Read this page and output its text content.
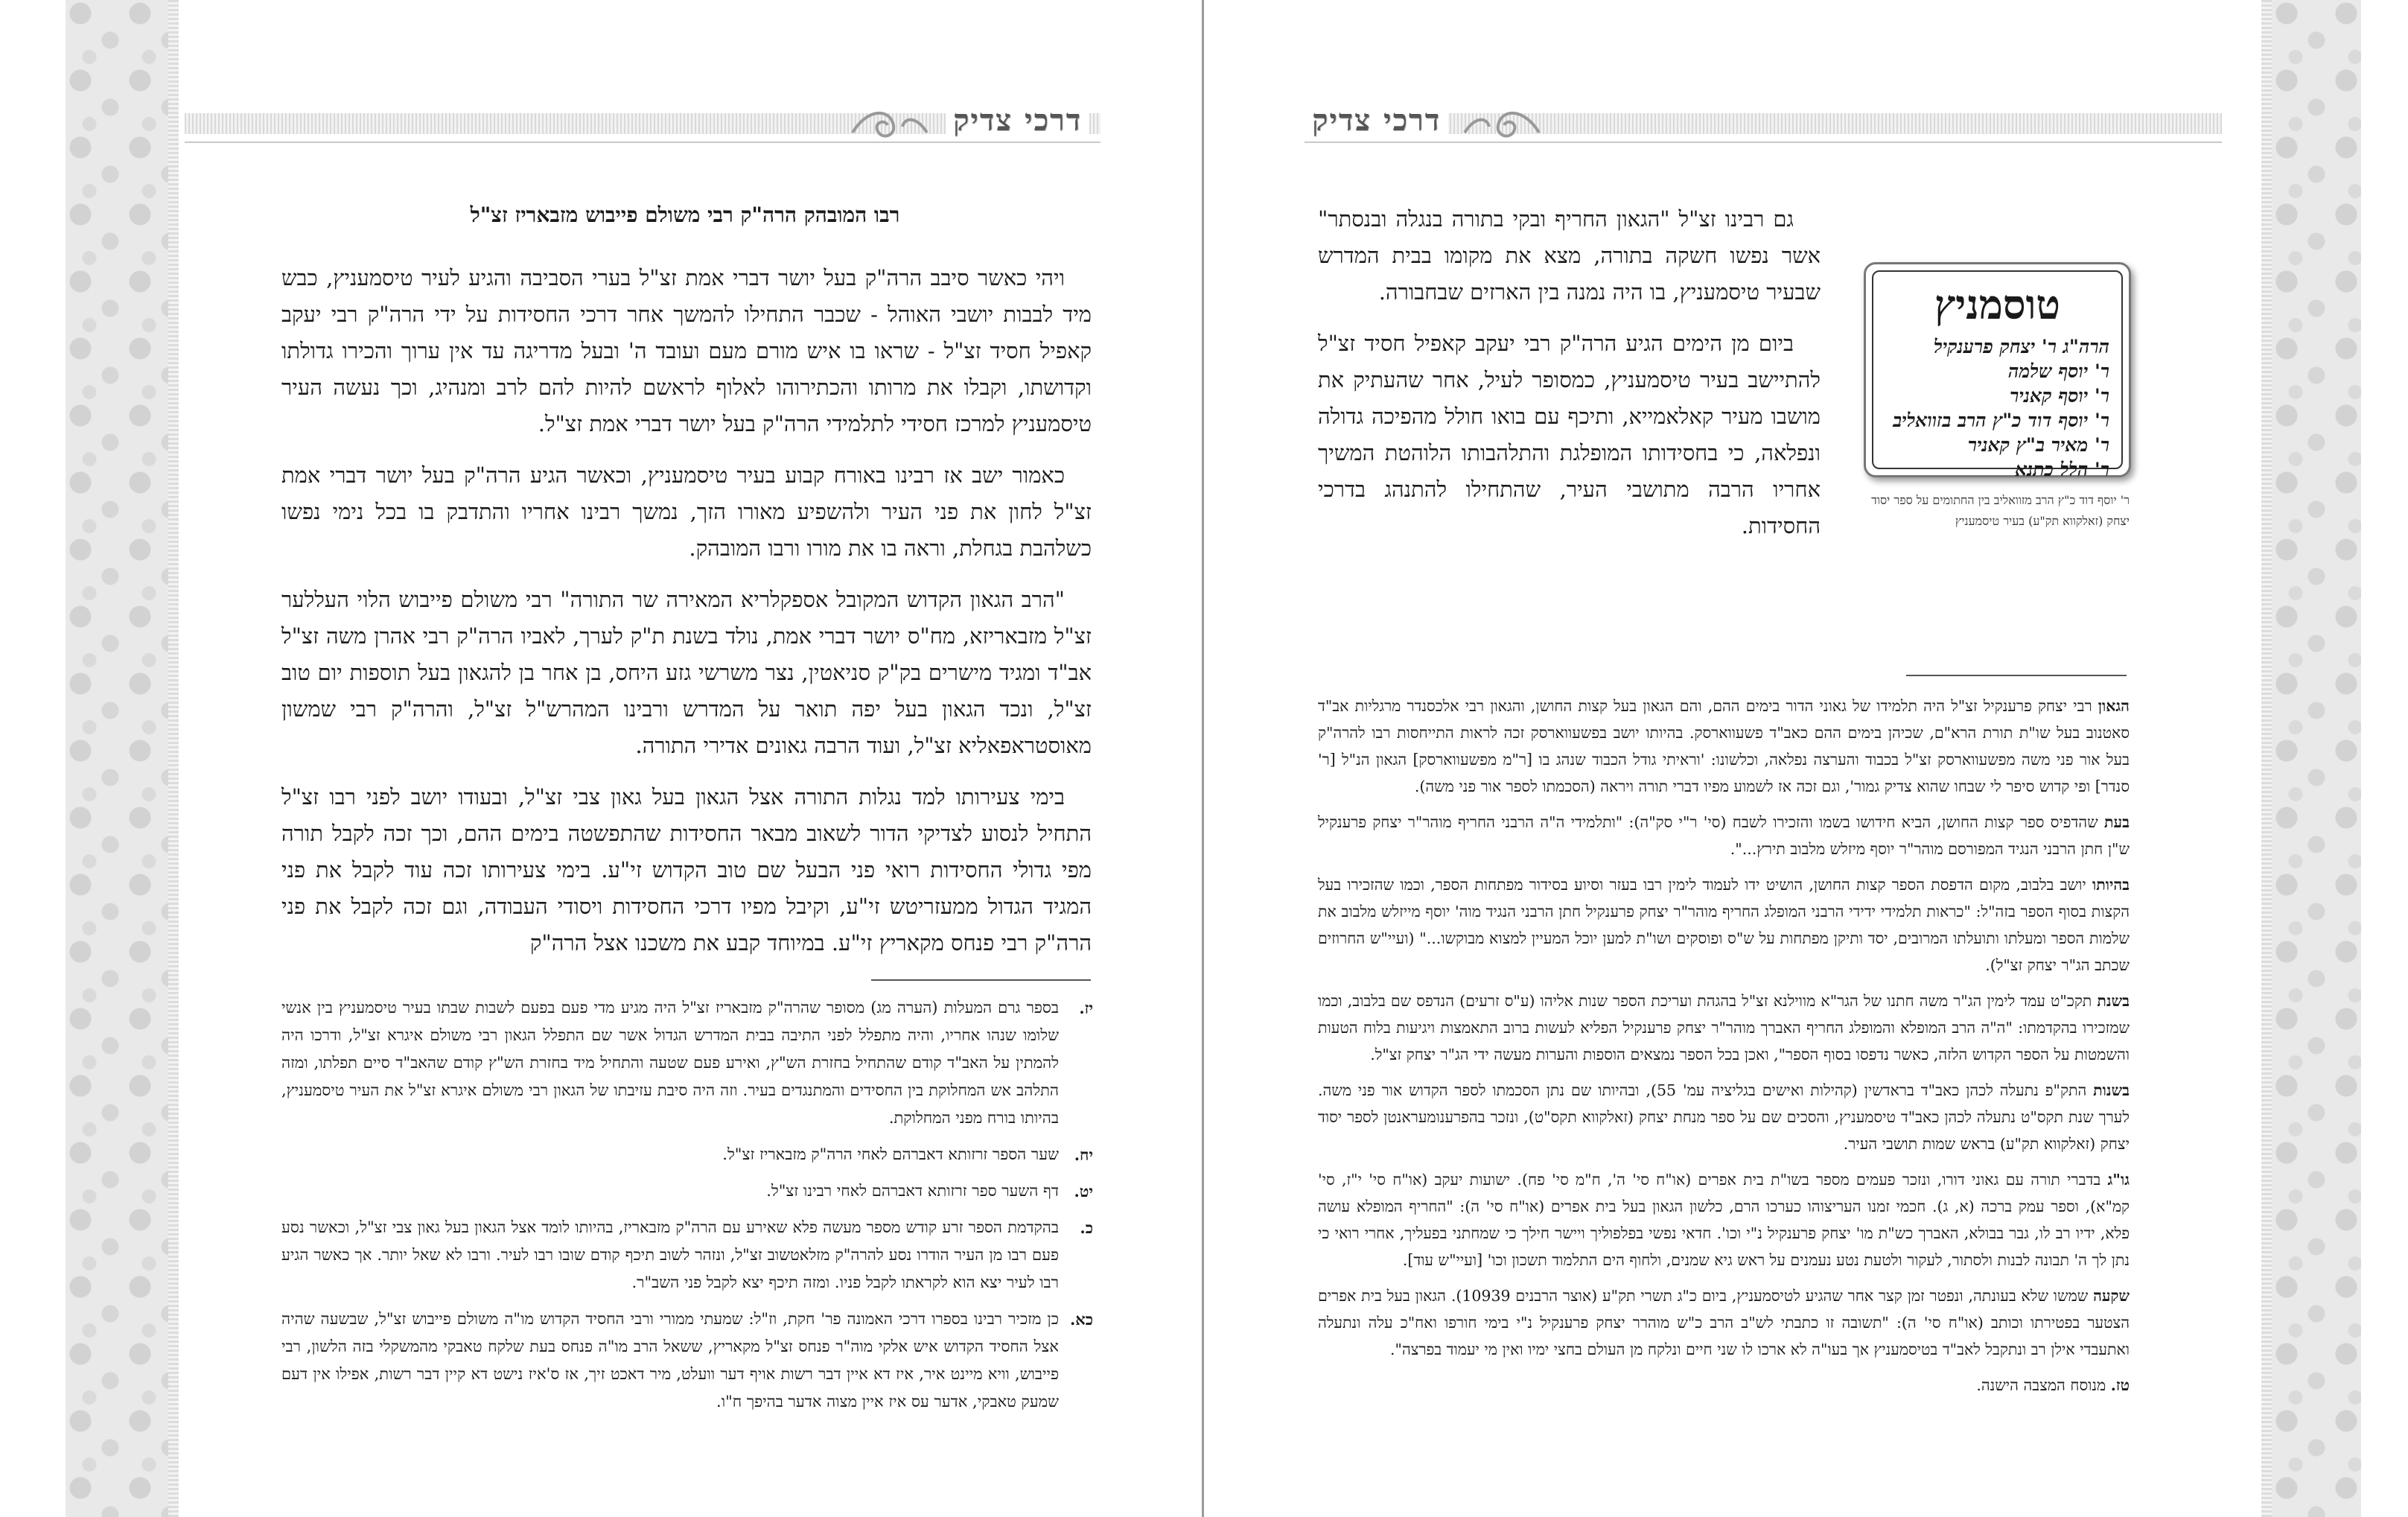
דרכי צדיק
רבו המובהק הרה"ק רבי משולם פייבוש מזבאריז זצ"ל

ויהי כאשר סיבב הרה"ק בעל יושר דברי אמת זצ"ל בערי הסביבה והגיע לעיר טיסמעניץ, כבש מיד לבבות יושבי האוהל - שכבר התחילו להמשך אחר דרכי החסידות על ידי הרה"ק רבי יעקב קאפיל חסיד זצ"ל - שראו בו איש מורם מעם ועובד ה' ובעל מדריגה עד אין ערוך והכירו גדולתו וקדושתו, וקבלו את מרותו והכתירוהו לאלוף לראשם להיות להם לרב ומנהיג, וכך נעשה העיר טיסמעניץ למרכז חסידי לתלמידי הרה"ק בעל יושר דברי אמת זצ"ל.

כאמור ישב אז רבינו באורח קבוע בעיר טיסמעניץ, וכאשר הגיע הרה"ק בעל יושר דברי אמת זצ"ל לחון את פני העיר ולהשפיע מאורו הזך, נמשך רבינו אחריו והתדבק בו בכל נימי נפשו כשלהבת בגחלת, וראה בו את מורו ורבו המובהק.

"הרב הגאון הקדוש המקובל אספקלריא המאירה שר התורה" רבי משולם פייבוש הלוי העללער זצ"ל מזבאריזא, מח"ס יושר דברי אמת, נולד בשנת ת"ק לערך, לאביו הרה"ק רבי אהרן משה זצ"ל אב"ד ומגיד מישרים בק"ק סניאטין, נצר משרשי גזע היחס, בן אחר בן להגאון בעל תוספות יום טוב זצ"ל, ונכד הגאון בעל יפה תואר על המדרש ורבינו המהרש"ל זצ"ל, והרה"ק רבי שמשון מאוסטראפאליא זצ"ל, ועוד הרבה גאונים אדירי התורה.

בימי צעירותו למד נגלות התורה אצל הגאון בעל גאון צבי זצ"ל, ובעודו יושב לפני רבו זצ"ל התחיל לנסוע לצדיקי הדור לשאוב מבאר החסידות שהתפשטה בימים ההם, וכך זכה לקבל תורה מפי גדולי החסידות רואי פני הבעל שם טוב הקדוש זי"ע. בימי צעירותו זכה עוד לקבל את פני המגיד הגדול ממעזריטש זי"ע, וקיבל מפיו דרכי החסידות ויסודי העבודה, וגם זכה לקבל את פני הרה"ק רבי פנחס מקאריץ זי"ע. במיוחד קבע את משכנו אצל הרה"ק

יז.
בספר גרם המעלות (הערה מג) מסופר שהרה"ק מזבאריז זצ"ל היה מגיע מדי פעם בפעם לשבות שבתו בעיר טיסמעניץ בין אנשי שלומו שנהו אחריו, והיה מתפלל לפני התיבה בבית המדרש הגדול אשר שם התפלל הגאון רבי משולם איגרא זצ"ל, ודרכו היה להמתין על האב"ד קודם שהתחיל בחזרת הש"ץ, ואירע פעם שטעה והתחיל מיד בחזרת הש"ץ קודם שהאב"ד סיים תפלתו, ומזה התלהב אש המחלוקת בין החסידים והמתנגדים בעיר. וזה היה סיבת עזיבתו של הגאון רבי משולם איגרא זצ"ל את העיר טיסמעניץ, בהיותו בורח מפני המחלוקת.
יח.
שער הספר זרזותא דאברהם לאחי הרה"ק מזבאריז זצ"ל.
יט.
דף השער ספר זרזותא דאברהם לאחי רבינו זצ"ל.
כ.
בהקדמת הספר זרע קודש מספר מעשה פלא שאירע עם הרה"ק מזבאריז, בהיותו לומד אצל הגאון בעל גאון צבי זצ"ל, וכאשר נסע פעם רבו מן העיר הודרו נסע להרה"ק מזלאטשוב זצ"ל, ונזהר לשוב תיכף קודם שובו רבו לעיר. ורבו לא שאל יותר. אך כאשר הגיע רבו לעיר יצא הוא לקראתו לקבל פניו. ומזה תיכף יצא לקבל פני השב"ר.
כא.
כן מזכיר רבינו בספרו דרכי האמונה פר' חקת, וז"ל: שמעתי ממורי ורבי החסיד הקדוש מו"ה משולם פייבוש זצ"ל, שבשעה שהיה אצל החסיד הקדוש איש אלקי מוה"ר פנחס זצ"ל מקאריץ, ששאל הרב מו"ה פנחס בעת שלקח טאבקי מהמשקלי בזה הלשון, רבי פייבוש, וויא מיינט איר, איז דא איין דבר רשות אויף דער וועלט, מיר דאכט זיך, אז ס'איז נישט דא קיין דבר רשות, אפילו אין דעם שמעק טאבקי, אדער עס איז איין מצוה אדער בהיפך ח"ו.
דרכי צדיק

גם רבינו זצ"ל "הגאון החריף ובקי בתורה בנגלה ובנסתר" אשר נפשו חשקה בתורה, מצא את מקומו בבית המדרש שבעיר טיסמעניץ, בו היה נמנה בין הארזים שבחבורה.

ביום מן הימים הגיע הרה"ק רבי יעקב קאפיל חסיד זצ"ל להתיישב בעיר טיסמעניץ, כמסופר לעיל, אחר שהעתיק את מושבו מעיר קאלאמייא, ותיכף עם בואו חולל מהפיכה גדולה ונפלאה, כי בחסידותו המופלגת והתלהבותו הלוהטת המשיך אחריו הרבה מתושבי העיר, שהתחילו להתנהג בדרכי החסידות.

טוסמניץ
הרה"ג ר' יצחק פרענקיל
ר' יוסף שלמה
ר' יוסף קאניר
ר' יוסף דוד כ"ץ הרב בזוואליב
ר' מאיר ב"ץ קאניר
ר' הלל כתנא
ר' יוסף דוד כ"ץ הרב מזוואליב בין החתומים על ספר יסוד יצחק (זאלקווא תק"ע) בעיר טיסמעניץ

הגאון רבי יצחק פרענקיל זצ"ל היה תלמידו של גאוני הדור בימים ההם, והם הגאון בעל קצות החושן, והגאון רבי אלכסנדר מרגליות אב"ד סאטנוב בעל שו"ת תורת הרא"ם, שכיהן בימים ההם כאב"ד פשעווארסק. בהיותו יושב בפשעווארסק זכה לראות התייחסות רבו להרה"ק בעל אור פני משה מפשעווארסק זצ"ל בכבוד והערצה נפלאה, וכלשונו: 'וראיתי גודל הכבוד שנהג בו [ר"מ מפשעווארסק] הגאון הנ"ל [ר' סנדר] ופי קדוש סיפר לי שבחו שהוא צדיק גמור', וגם זכה אז לשמוע מפיו דברי תורה ויראה (הסכמתו לספר אור פני משה).

בעת שהדפיס ספר קצות החושן, הביא חידושו בשמו והזכירו לשבח (סי' ר"י סק"ה): "ותלמידי ה"ה הרבני החריף מוהר"ר יצחק פרענקיל ש"ן חתן הרבני הנגיד המפורסם מוהר"ר יוסף מיזלש מלבוב תירץ...".

בהיותו יושב בלבוב, מקום הדפסת הספר קצות החושן, הושיט ידו לעמוד לימין רבו בעזר וסיוע בסידור מפתחות הספר, וכמו שהזכירו בעל הקצות בסוף הספר בזה"ל: "כראות תלמידי ידידי הרבני המופלג החריף מוהר"ר יצחק פרענקיל חתן הרבני הנגיד מוה' יוסף מייזלש מלבוב את שלמות הספר ומעלתו ותועלתו המרובים, יסד ותיקן מפתחות על ש"ס ופוסקים ושו"ת למען יוכל המעיין למצוא מבוקשו..." (ועיי"ש החרוזים שכתב הג"ר יצחק זצ"ל).

בשנת תקכ"ט עמד לימין הג"ר משה חתנו של הגר"א מווילנא זצ"ל בהגהת ועריכת הספר שנות אליהו (ע"ס זרעים) הנדפס שם בלבוב, וכמו שמזכירו בהקדמתו: "ה"ה הרב המופלא והמופלג החריף האברך מוהר"ר יצחק פרענקיל הפליא לעשות ברוב התאמצות ויגיעות בלוח הטעות והשמטות על הספר הקדוש הלזה, כאשר נדפסו בסוף הספר", ואכן בכל הספר נמצאים הוספות והערות מעשה ידי הג"ר יצחק זצ"ל.

בשנות התק"פ נתעלה לכהן כאב"ד בראדשין (קהילות ואישים בגליציה עמ' 55), ובהיותו שם נתן הסכמתו לספר הקדוש אור פני משה. לערך שנת תקס"ט נתעלה לכהן כאב"ד טיסמעניץ, והסכים שם על ספר מנחת יצחק (זאלקווא תקס"ט), ונזכר בהפרענומעראנטן לספר יסוד יצחק (זאלקווא תק"ע) בראש שמות תושבי העיר.

גו"ג בדברי תורה עם גאוני דורו, ונזכר פעמים מספר בשו"ת בית אפרים (או"ח סי' ה', ח"מ סי' פח). ישועות יעקב (או"ח סי' י"ז, סי' קמ"א), וספר עמק ברכה (א, ג). חכמי זמנו העריצוהו כערכו הרם, כלשון הגאון בעל בית אפרים (או"ח סי' ה): "החריף המופלא עושה פלא, ידיו רב לו, גבר בבולא, האברך כש"ת מו' יצחק פרענקיל נ"י וכו'. חדאי נפשי בפלפוליך ויישר חילך כי שמחתני בפעליך, אחרי רואי כי נתן לך ה' תבונה לבנות ולסתור, לעקור ולטעת נטע נעמנים על ראש גיא שמנים, ולחוף הים התלמוד תשכון וכו' [ועיי"ש עוד].

שקעה שמשו שלא בעונתה, ונפטר זמן קצר אחר שהגיע לטיסמעניץ, ביום כ"ג תשרי תק"ע (אוצר הרבנים 10939). הגאון בעל בית אפרים הצטער בפטירתו וכותב (או"ח סי' ה): "תשובה זו כתבתי לש"ב הרב כ"ש מוהרר יצחק פרענקיל נ"י בימי חורפו ואח"כ עלה ונתעלה ואתעבדי אילן רב ונתקבל לאב"ד בטיסמעניץ אך בעו"ה לא ארכו לו שני חיים ונלקח מן העולם בחצי ימיו ואין מי יעמוד בפרצה".

טז. מנוסח המצבה הישנה.
